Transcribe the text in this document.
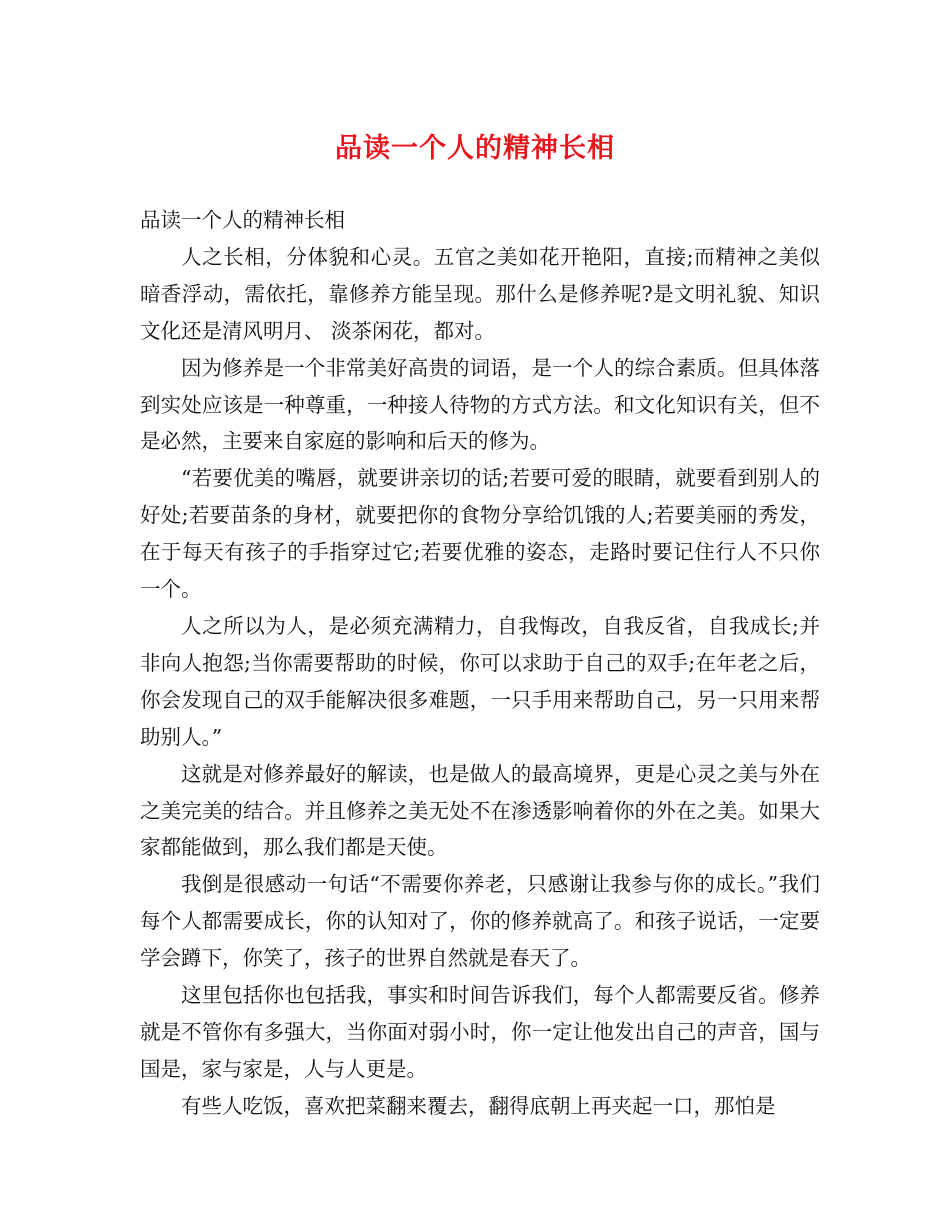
品读一个人的精神长相

品读一个人的精神长相

人之长相，分体貌和心灵。五官之美如花开艳阳，直接;而精神之美似暗香浮动，需依托，靠修养方能呈现。那什么是修养呢?是文明礼貌、知识文化还是清风明月、 淡茶闲花，都对。

因为修养是一个非常美好高贵的词语，是一个人的综合素质。但具体落到实处应该是一种尊重，一种接人待物的方式方法。和文化知识有关，但不是必然，主要来自家庭的影响和后天的修为。

“若要优美的嘴唇，就要讲亲切的话;若要可爱的眼睛，就要看到别人的好处;若要苗条的身材，就要把你的食物分享给饥饿的人;若要美丽的秀发，在于每天有孩子的手指穿过它;若要优雅的姿态，走路时要记住行人不只你一个。

人之所以为人，是必须充满精力，自我悔改，自我反省，自我成长;并非向人抱怨;当你需要帮助的时候，你可以求助于自己的双手;在年老之后，你会发现自己的双手能解决很多难题，一只手用来帮助自己，另一只用来帮助别人。”

这就是对修养最好的解读，也是做人的最高境界，更是心灵之美与外在之美完美的结合。并且修养之美无处不在渗透影响着你的外在之美。如果大家都能做到，那么我们都是天使。

我倒是很感动一句话“不需要你养老，只感谢让我参与你的成长。”我们每个人都需要成长，你的认知对了，你的修养就高了。和孩子说话，一定要学会蹲下，你笑了，孩子的世界自然就是春天了。

这里包括你也包括我，事实和时间告诉我们，每个人都需要反省。修养就是不管你有多强大，当你面对弱小时，你一定让他发出自己的声音，国与国是，家与家是，人与人更是。

有些人吃饭，喜欢把菜翻来覆去，翻得底朝上再夹起一口，那怕是
